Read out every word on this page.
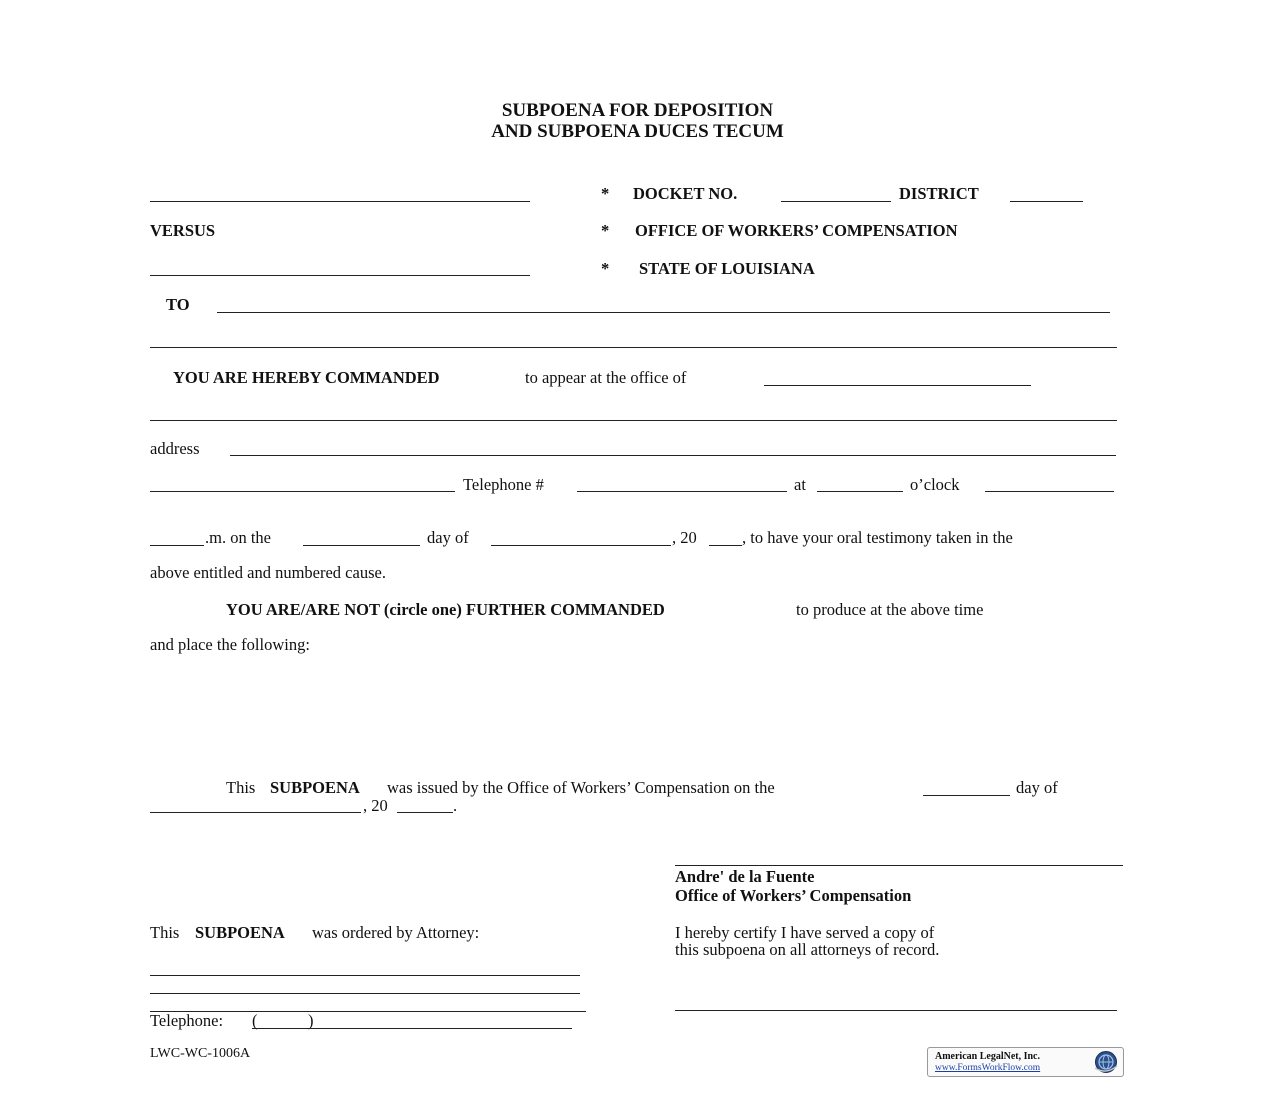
SUBPOENA FOR DEPOSITION
AND SUBPOENA DUCES TECUM
* DOCKET NO.	DISTRICT
VERSUS	* OFFICE OF WORKERS’ COMPENSATION
* STATE OF LOUISIANA
TO
YOU ARE HEREBY COMMANDED	to appear at the office of
address
Telephone #	at	o’clock
.m. on the	day of	, 20	, to have your oral testimony taken in the
above entitled and numbered cause.
YOU ARE/ARE NOT (circle one) FURTHER COMMANDED	to produce at the above time
and place the following:
This SUBPOENA was issued by the Office of Workers’ Compensation on the	day of
, 20	.
Andre' de la Fuente
Office of Workers’ Compensation
This SUBPOENA was ordered by Attorney:
Telephone: (	)
I hereby certify I have served a copy of
this subpoena on all attorneys of record.
LWC-WC-1006A	American LegalNet, Inc.
www.FormsWorkFlow.com
